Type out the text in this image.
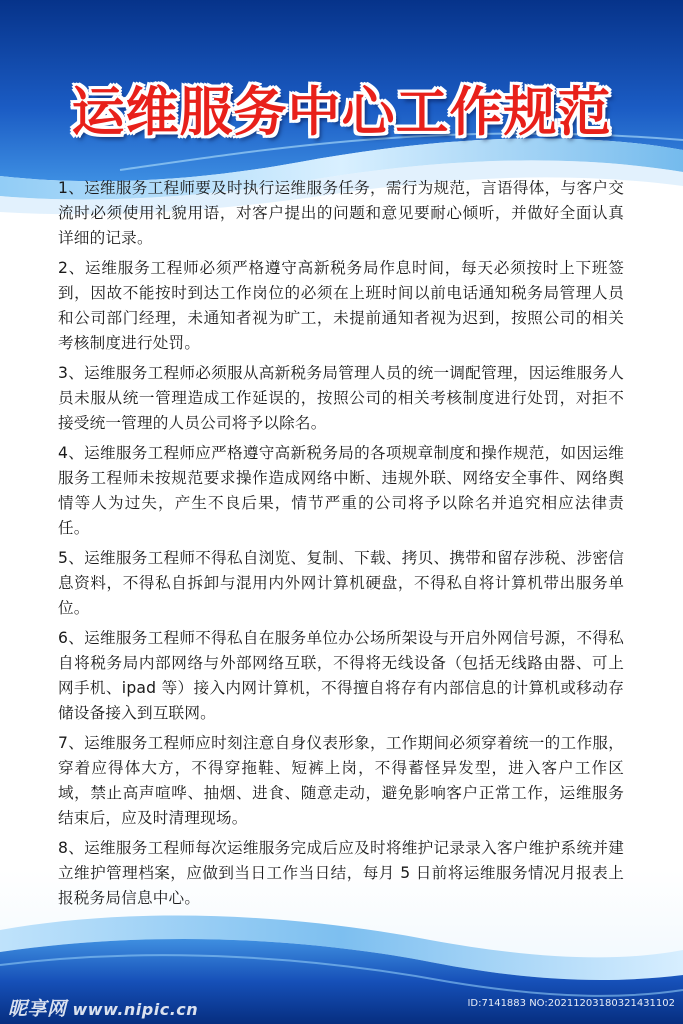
运维服务中心工作规范

1、运维服务工程师要及时执行运维服务任务，需行为规范，言语得体，与客户交流时必须使用礼貌用语，对客户提出的问题和意见要耐心倾听，并做好全面认真详细的记录。

2、运维服务工程师必须严格遵守高新税务局作息时间，每天必须按时上下班签到，因故不能按时到达工作岗位的必须在上班时间以前电话通知税务局管理人员和公司部门经理，未通知者视为旷工，未提前通知者视为迟到，按照公司的相关考核制度进行处罚。

3、运维服务工程师必须服从高新税务局管理人员的统一调配管理，因运维服务人员未服从统一管理造成工作延误的，按照公司的相关考核制度进行处罚，对拒不接受统一管理的人员公司将予以除名。

4、运维服务工程师应严格遵守高新税务局的各项规章制度和操作规范，如因运维服务工程师未按规范要求操作造成网络中断、违规外联、网络安全事件、网络舆情等人为过失，产生不良后果，情节严重的公司将予以除名并追究相应法律责任。

5、运维服务工程师不得私自浏览、复制、下载、拷贝、携带和留存涉税、涉密信息资料，不得私自拆卸与混用内外网计算机硬盘，不得私自将计算机带出服务单位。

6、运维服务工程师不得私自在服务单位办公场所架设与开启外网信号源，不得私自将税务局内部网络与外部网络互联，不得将无线设备（包括无线路由器、可上网手机、ipad 等）接入内网计算机，不得擅自将存有内部信息的计算机或移动存储设备接入到互联网。

7、运维服务工程师应时刻注意自身仪表形象，工作期间必须穿着统一的工作服，穿着应得体大方，不得穿拖鞋、短裤上岗，不得蓄怪异发型，进入客户工作区域，禁止高声喧哗、抽烟、进食、随意走动，避免影响客户正常工作，运维服务结束后，应及时清理现场。

8、运维服务工程师每次运维服务完成后应及时将维护记录录入客户维护系统并建立维护管理档案，应做到当日工作当日结，每月 5 日前将运维服务情况月报表上报税务局信息中心。

昵享网 www.nipic.cn	ID:7141883 NO:20211203180321431102
